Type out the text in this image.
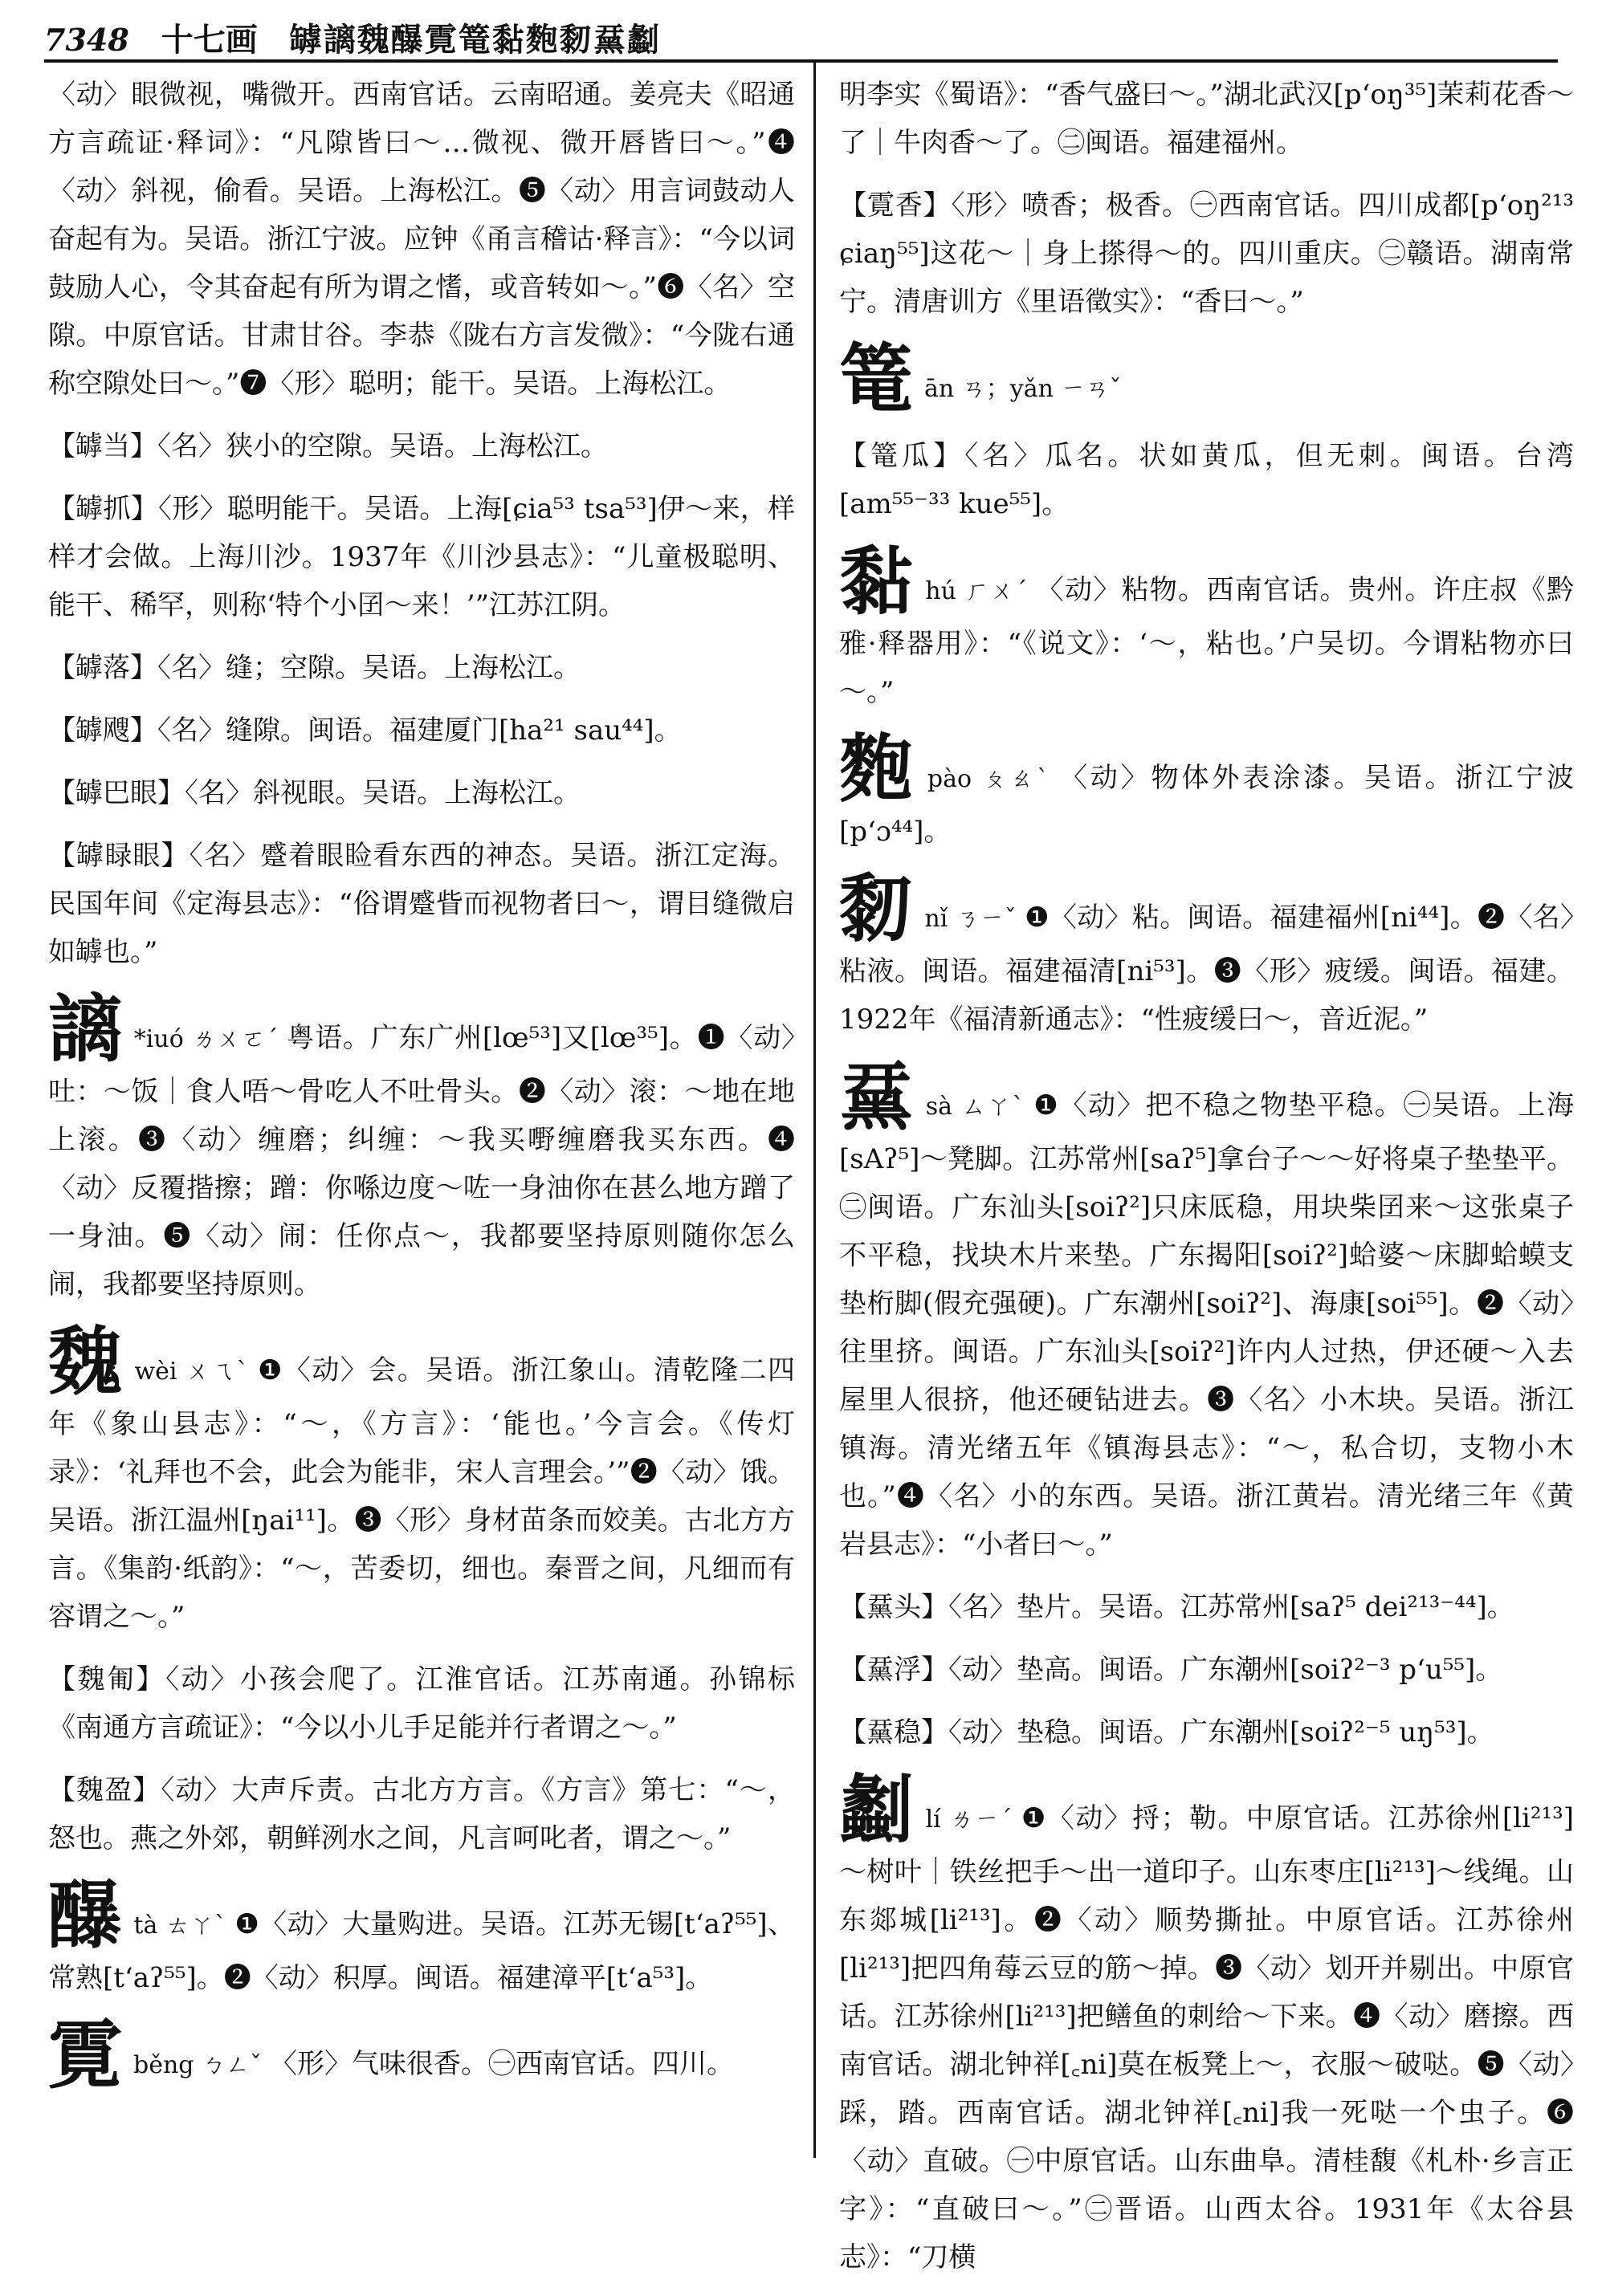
7348 十七画 罅謧魏䤖䨘篭黏麭䵑䵤劙
〈动〉眼微视，嘴微开。西南官话。云南昭通。姜亮夫《昭通方言疏证·释词》：“凡隙皆曰～…微视、微开唇皆曰～。”❹〈动〉斜视，偷看。吴语。上海松江。❺〈动〉用言词鼓动人奋起有为。吴语。浙江宁波。应钟《甬言稽诂·释言》：“今以词鼓励人心，令其奋起有所为谓之愭，或音转如～。”❻〈名〉空隙。中原官话。甘肃甘谷。李恭《陇右方言发微》：“今陇右通称空隙处曰～。”❼〈形〉聪明；能干。吴语。上海松江。
【罅当】〈名〉狭小的空隙。吴语。上海松江。
【罅抓】〈形〉聪明能干。吴语。上海[ɕia⁵³ tsa⁵³]伊～来，样样才会做。上海川沙。1937年《川沙县志》：“儿童极聪明、能干、稀罕，则称‘特个小囝～来！’”江苏江阴。
【罅落】〈名〉缝；空隙。吴语。上海松江。
【罅飕】〈名〉缝隙。闽语。福建厦门[ha²¹ sau⁴⁴]。
【罅巴眼】〈名〉斜视眼。吴语。上海松江。
【罅睩眼】〈名〉蹙着眼睑看东西的神态。吴语。浙江定海。民国年间《定海县志》：“俗谓蹙眥而视物者曰～，谓目缝微启如罅也。”
謧 *iuó ㄌㄨㄛˊ 粤语。广东广州[lœ⁵³]又[lœ³⁵]。❶〈动〉吐：～饭｜食人唔～骨吃人不吐骨头。❷〈动〉滚：～地在地上滚。❸〈动〉缠磨；纠缠：～我买嘢缠磨我买东西。❹〈动〉反覆揩擦；蹭：你喺边度～咗一身油你在甚么地方蹭了一身油。❺〈动〉闹：任你点～，我都要坚持原则随你怎么闹，我都要坚持原则。
魏wèi ㄨㄟˋ ❶〈动〉会。吴语。浙江象山。清乾隆二四年《象山县志》：“～，《方言》：‘能也。’今言会。《传灯录》：‘礼拜也不会，此会为能非，宋人言理会。’”❷〈动〉饿。吴语。浙江温州[ŋai¹¹]。❸〈形〉身材苗条而姣美。古北方方言。《集韵·纸韵》：“～，苦委切，细也。秦晋之间，凡细而有容谓之～。”
【魏匍】〈动〉小孩会爬了。江淮官话。江苏南通。孙锦标《南通方言疏证》：“今以小儿手足能并行者谓之～。”
【魏盈】〈动〉大声斥责。古北方方言。《方言》第七：“～，怒也。燕之外郊，朝鲜洌水之间，凡言呵叱者，谓之～。”
䤖tà ㄊㄚˋ ❶〈动〉大量购进。吴语。江苏无锡[t‘aʔ⁵⁵]、常熟[t‘aʔ⁵⁵]。❷〈动〉积厚。闽语。福建漳平[t‘a⁵³]。
䨘běng ㄅㄥˇ 〈形〉气味很香。㊀西南官话。四川。
明李实《蜀语》：“香气盛曰～。”湖北武汉[p‘oŋ³⁵]茉莉花香～了｜牛肉香～了。㊁闽语。福建福州。
【䨘香】〈形〉喷香；极香。㊀西南官话。四川成都[p‘oŋ²¹³ ɕiaŋ⁵⁵]这花～｜身上搽得～的。四川重庆。㊁赣语。湖南常宁。清唐训方《里语徵实》：“香曰～。”
篭ān ㄢ；yǎn ㄧㄢˇ
【篭瓜】〈名〉瓜名。状如黄瓜，但无刺。闽语。台湾[am⁵⁵⁻³³ kue⁵⁵]。
黏hú ㄏㄨˊ 〈动〉粘物。西南官话。贵州。许庄叔《黔雅·释器用》：“《说文》：‘～，粘也。’户吴切。今谓粘物亦曰～。”
麭pào ㄆㄠˋ 〈动〉物体外表涂漆。吴语。浙江宁波[p‘ɔ⁴⁴]。
䵑nǐ ㄋㄧˇ ❶〈动〉粘。闽语。福建福州[ni⁴⁴]。❷〈名〉粘液。闽语。福建福清[ni⁵³]。❸〈形〉疲缓。闽语。福建。1922年《福清新通志》：“性疲缓曰～，音近泥。”
䵤sà ㄙㄚˋ ❶〈动〉把不稳之物垫平稳。㊀吴语。上海[sAʔ⁵]～凳脚。江苏常州[saʔ⁵]拿台子～～好将桌子垫垫平。㊁闽语。广东汕头[soiʔ²]只床厎稳，用块柴囝来～这张桌子不平稳，找块木片来垫。广东揭阳[soiʔ²]蛤婆～床脚蛤蟆支垫桁脚(假充强硬)。广东潮州[soiʔ²]、海康[soi⁵⁵]。❷〈动〉往里挤。闽语。广东汕头[soiʔ²]许内人过热，伊还硬～入去屋里人很挤，他还硬钻进去。❸〈名〉小木块。吴语。浙江镇海。清光绪五年《镇海县志》：“～，私合切，支物小木也。”❹〈名〉小的东西。吴语。浙江黄岩。清光绪三年《黄岩县志》：“小者曰～。”
【䵤头】〈名〉垫片。吴语。江苏常州[saʔ⁵ dei²¹³⁻⁴⁴]。
【䵤浮】〈动〉垫高。闽语。广东潮州[soiʔ²⁻³ p‘u⁵⁵]。
【䵤稳】〈动〉垫稳。闽语。广东潮州[soiʔ²⁻⁵ uŋ⁵³]。
劙lí ㄌㄧˊ ❶〈动〉捋；勒。中原官话。江苏徐州[li²¹³]～树叶｜铁丝把手～出一道印子。山东枣庄[li²¹³]～线绳。山东郯城[li²¹³]。❷〈动〉顺势撕扯。中原官话。江苏徐州[li²¹³]把四角莓云豆的筋～掉。❸〈动〉划开并剔出。中原官话。江苏徐州[li²¹³]把鳝鱼的刺给～下来。❹〈动〉磨擦。西南官话。湖北钟祥[꜀ni]莫在板凳上～，衣服～破哒。❺〈动〉踩，踏。西南官话。湖北钟祥[꜀ni]我一死哒一个虫子。❻〈动〉直破。㊀中原官话。山东曲阜。清桂馥《札朴·乡言正字》：“直破曰～。”㊁晋语。山西太谷。1931年《太谷县志》：“刀横
